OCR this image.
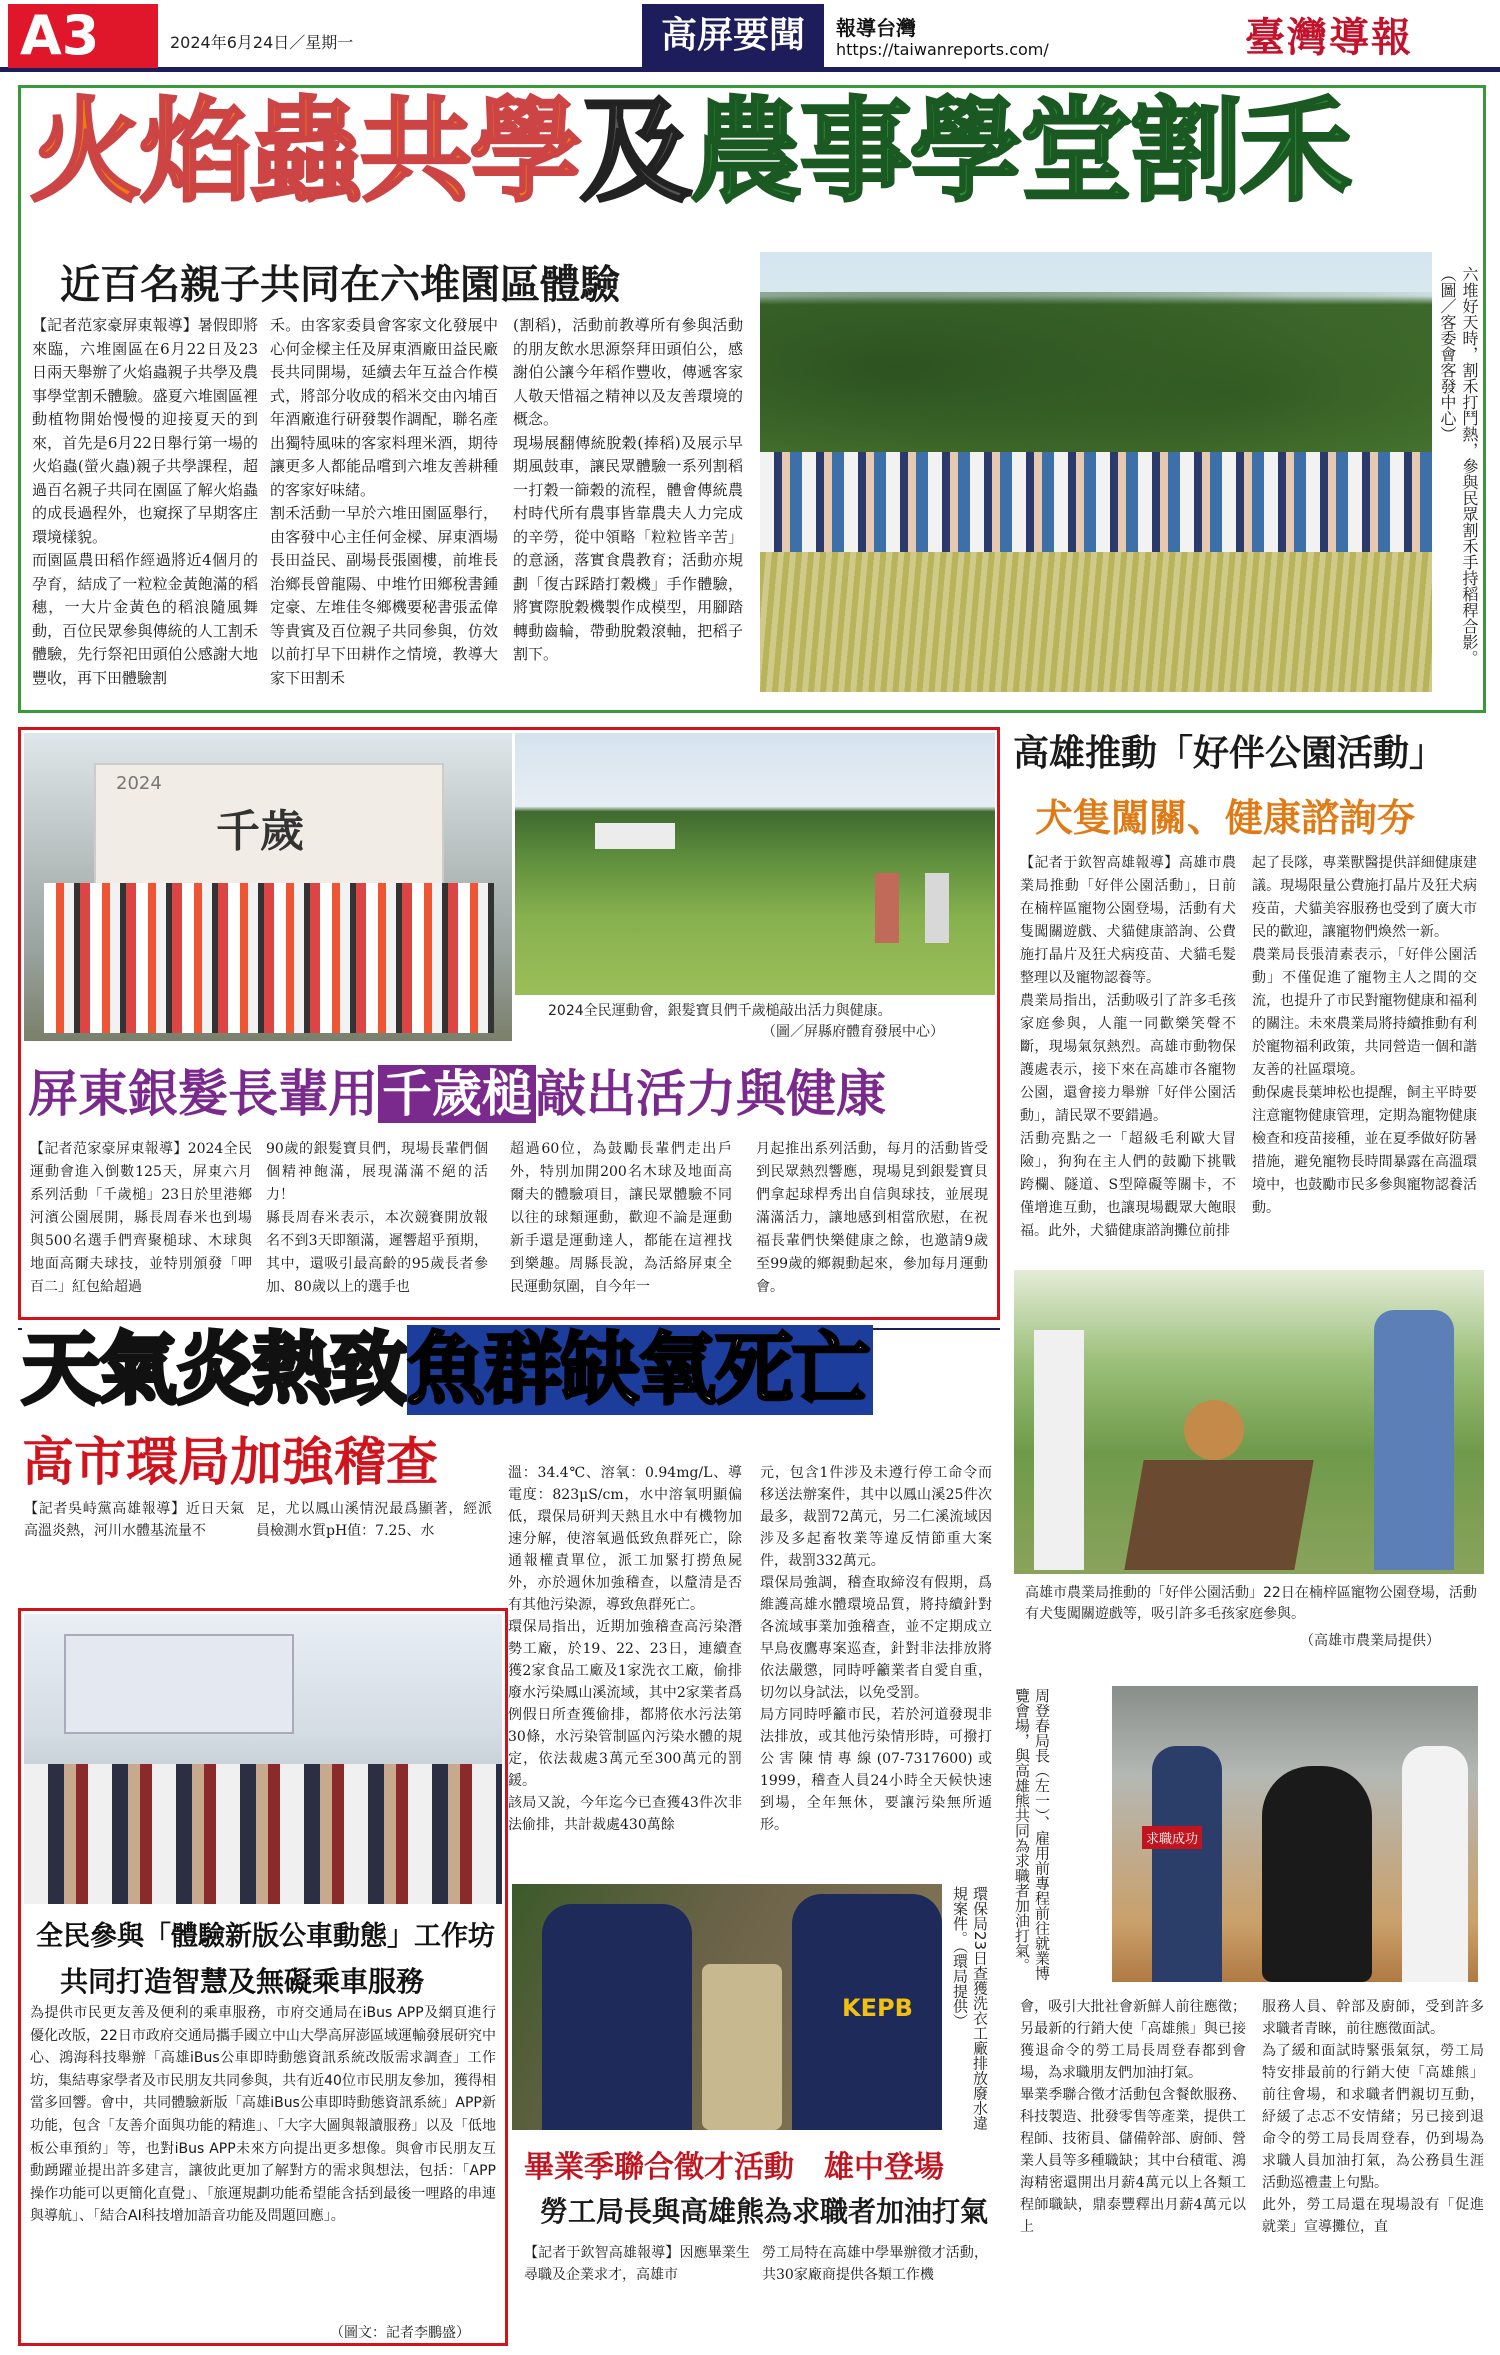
A3	2024年6月24日／星期一	高屏要聞	報導台灣
https://taiwanreports.com/	臺灣導報
火焰蟲共學及農事學堂割禾
近百名親子共同在六堆園區體驗

【記者范家豪屏東報導】暑假即將來臨，六堆園區在6月22日及23日兩天舉辦了火焰蟲親子共學及農事學堂割禾體驗。盛夏六堆園區裡動植物開始慢慢的迎接夏天的到來，首先是6月22日舉行第一場的火焰蟲(螢火蟲)親子共學課程，超過百名親子共同在園區了解火焰蟲的成長過程外，也窺探了早期客庄環境樣貌。
而園區農田稻作經過將近4個月的孕育，結成了一粒粒金黃飽滿的稻穗，一大片金黃色的稻浪隨風舞動，百位民眾參與傳統的人工割禾體驗，先行祭祀田頭伯公感謝大地豐收，再下田體驗割

禾。由客家委員會客家文化發展中心何金樑主任及屏東酒廠田益民廠長共同開場，延續去年互益合作模式，將部分收成的稻米交由內埔百年酒廠進行研發製作調配，聯名產出獨特風味的客家料理米酒，期待讓更多人都能品嚐到六堆友善耕種的客家好味緒。
割禾活動一早於六堆田園區舉行，由客發中心主任何金樑、屏東酒場長田益民、副場長張園樓，前堆長治鄉長曾龍陽、中堆竹田鄉稅書鍾定豪、左堆佳冬鄉機要秘書張孟偉等貴賓及百位親子共同參與，仿效以前打早下田耕作之情境，教導大家下田割禾

(割稻)，活動前教導所有參與活動的朋友飲水思源祭拜田頭伯公，感謝伯公讓今年稻作豐收，傳遞客家人敬天惜福之精神以及友善環境的概念。
現場展翻傳統脫穀(捧稻)及展示早期風鼓車，讓民眾體驗一系列割稻一打穀一篩穀的流程，體會傳統農村時代所有農事皆靠農夫人力完成的辛勞，從中領略「粒粒皆辛苦」的意涵，落實食農教育；活動亦規劃「復古踩踏打穀機」手作體驗，將實際脫穀機製作成模型，用腳踏轉動齒輪，帶動脫穀滾軸，把稻子割下。	六堆好天時，割禾打鬥熱，參與民眾割禾手持稻稈合影。（圖／客委會客發中心）
千歲
2024
2024全民運動會，銀髮寶貝們千歲槌敲出活力與健康。
（圖／屏縣府體育發展中心）
屏東銀髮長輩用千歲槌敲出活力與健康

【記者范家豪屏東報導】2024全民運動會進入倒數125天，屏東六月系列活動「千歲槌」23日於里港鄉河濱公園展開，縣長周春米也到場與500名選手們齊聚槌球、木球與地面高爾夫球技，並特別頒發「呷百二」紅包給超過

90歲的銀髮寶貝們，現場長輩們個個精神飽滿，展現滿滿不絕的活力！
縣長周春米表示，本次競賽開放報名不到3天即額滿，遲響超乎預期，其中，還吸引最高齡的95歲長者參加、80歲以上的選手也

超過60位，為鼓勵長輩們走出戶外，特別加開200名木球及地面高爾夫的體驗項目，讓民眾體驗不同以往的球類運動，歡迎不論是運動新手還是運動達人，都能在這裡找到樂趣。周縣長說，為活絡屏東全民運動氛圍，自今年一

月起推出系列活動，每月的活動皆受到民眾熱烈響應，現場見到銀髮寶貝們拿起球桿秀出自信與球技，並展現滿滿活力，讓地感到相當欣慰，在祝福長輩們快樂健康之餘，也邀請9歲至99歲的鄉親動起來，參加每月運動會。

高雄推動「好伴公園活動」
犬隻闖關、健康諮詢夯

【記者于欽智高雄報導】高雄市農業局推動「好伴公園活動」，日前在楠梓區寵物公園登場，活動有犬隻闖關遊戲、犬貓健康諮詢、公費施打晶片及狂犬病疫苗、犬貓毛髮整理以及寵物認養等。
農業局指出，活動吸引了許多毛孩家庭參與，人龍一同歡樂笑聲不斷，現場氣氛熱烈。高雄市動物保護處表示，接下來在高雄市各寵物公園，還會接力舉辦「好伴公園活動」，請民眾不要錯過。
活動亮點之一「超級毛利歐大冒險」，狗狗在主人們的鼓勵下挑戰跨欄、隧道、S型障礙等關卡，不僅增進互動，也讓現場觀眾大飽眼福。此外，犬貓健康諮詢攤位前排

起了長隊，專業獸醫提供詳細健康建議。現場限量公費施打晶片及狂犬病疫苗，犬貓美容服務也受到了廣大市民的歡迎，讓寵物們煥然一新。
農業局長張清素表示，「好伴公園活動」不僅促進了寵物主人之間的交流，也提升了市民對寵物健康和福利的關注。未來農業局將持續推動有利於寵物福利政策，共同營造一個和諧友善的社區環境。
動保處長葉坤松也提醒，飼主平時要注意寵物健康管理，定期為寵物健康檢查和疫苗接種，並在夏季做好防暑措施，避免寵物長時間暴露在高溫環境中，也鼓勵市民多參與寵物認養活動。

高雄市農業局推動的「好伴公園活動」22日在楠梓區寵物公園登場，活動有犬隻闖關遊戲等，吸引許多毛孩家庭參與。
（高雄市農業局提供）
天氣炎熱致魚群缺氧死亡
高市環局加強稽查

【記者吳峙黨高雄報導】近日天氣高溫炎熱，河川水體基流量不

足，尤以鳳山溪情況最爲顯著，經派員檢測水質pH值：7.25、水

溫：34.4℃、溶氧：0.94mg/L、導電度：823μS/cm，水中溶氧明顯偏低，環保局研判天熱且水中有機物加速分解，使溶氧過低致魚群死亡，除通報權責單位，派工加緊打撈魚屍外，亦於週休加強稽查，以釐清是否有其他污染源，導致魚群死亡。
環保局指出，近期加強稽查高污染潛勢工廠，於19、22、23日，連續查獲2家食品工廠及1家洗衣工廠，偷排廢水污染鳳山溪流域，其中2家業者爲例假日所查獲偷排，都將依水污法第30條，水污染管制區內污染水體的規定，依法裁處3萬元至300萬元的罰鍰。
該局又說，今年迄今已查獲43件次非法偷排，共計裁處430萬餘

元，包含1件涉及未遵行停工命令而移送法辦案件，其中以鳳山溪25件次最多，裁罰72萬元，另二仁溪流域因涉及多起畜牧業等違反情節重大案件，裁罰332萬元。
環保局強調，稽查取締沒有假期，爲維護高雄水體環境品質，將持續針對各流域事業加強稽查，並不定期成立早鳥夜鷹專案巡查，針對非法排放將依法嚴懲，同時呼籲業者自愛自重，切勿以身試法，以免受罰。
局方同時呼籲市民，若於河道發現非法排放，或其他污染情形時，可撥打公害陳情專線(07-7317600)或1999，稽查人員24小時全天候快速到場，全年無休，要讓污染無所遁形。

KEPB	環保局23日查獲洗衣工廠排放廢水違規案件。（環局提供）
全民參與「體驗新版公車動態」工作坊
共同打造智慧及無礙乘車服務

為提供市民更友善及便利的乘車服務，市府交通局在iBus APP及網頁進行優化改版，22日市政府交通局攜手國立中山大學高屏澎區域運輸發展研究中心、鴻海科技舉辦「高雄iBus公車即時動態資訊系統改版需求調查」工作坊，集結專家學者及市民朋友共同參與，共有近40位市民朋友參加，獲得相當多回響。會中，共同體驗新版「高雄iBus公車即時動態資訊系統」APP新功能，包含「友善介面與功能的精進」、「大字大圖與報讀服務」以及「低地板公車預約」等，也對iBus APP未來方向提出更多想像。與會市民朋友互動踴躍並提出許多建言，讓彼此更加了解對方的需求與想法，包括：「APP操作功能可以更簡化直覺」、「旅運規劃功能希望能含括到最後一哩路的串連與導航」、「結合AI科技增加語音功能及問題回應」。

（圖文：記者李鵬盛）
周登春局長（左一）、雇用前專程前往就業博覽會場，與高雄熊共同為求職者加油打氣。	求職成功
畢業季聯合徵才活動　雄中登場
勞工局長與高雄熊為求職者加油打氣

【記者于欽智高雄報導】因應畢業生尋職及企業求才，高雄市

勞工局特在高雄中學畢辦徵才活動，共30家廠商提供各類工作機

會，吸引大批社會新鮮人前往應徵；另最新的行銷大使「高雄熊」與已接獲退命令的勞工局長周登春都到會場，為求職朋友們加油打氣。
畢業季聯合徵才活動包含餐飲服務、科技製造、批發零售等產業，提供工程師、技術員、儲備幹部、廚師、營業人員等多種職缺；其中台積電、鴻海精密還開出月薪4萬元以上各類工程師職缺，鼎泰豐釋出月薪4萬元以上

服務人員、幹部及廚師，受到許多求職者青睞，前往應徵面試。
為了緩和面試時緊張氣氛，勞工局特安排最前的行銷大使「高雄熊」前往會場，和求職者們親切互動，紓緩了忐忑不安情緒；另已接到退命令的勞工局長周登春，仍到場為求職人員加油打氣，為公務員生涯活動巡禮畫上句點。
此外，勞工局還在現場設有「促進就業」宣導攤位，直
